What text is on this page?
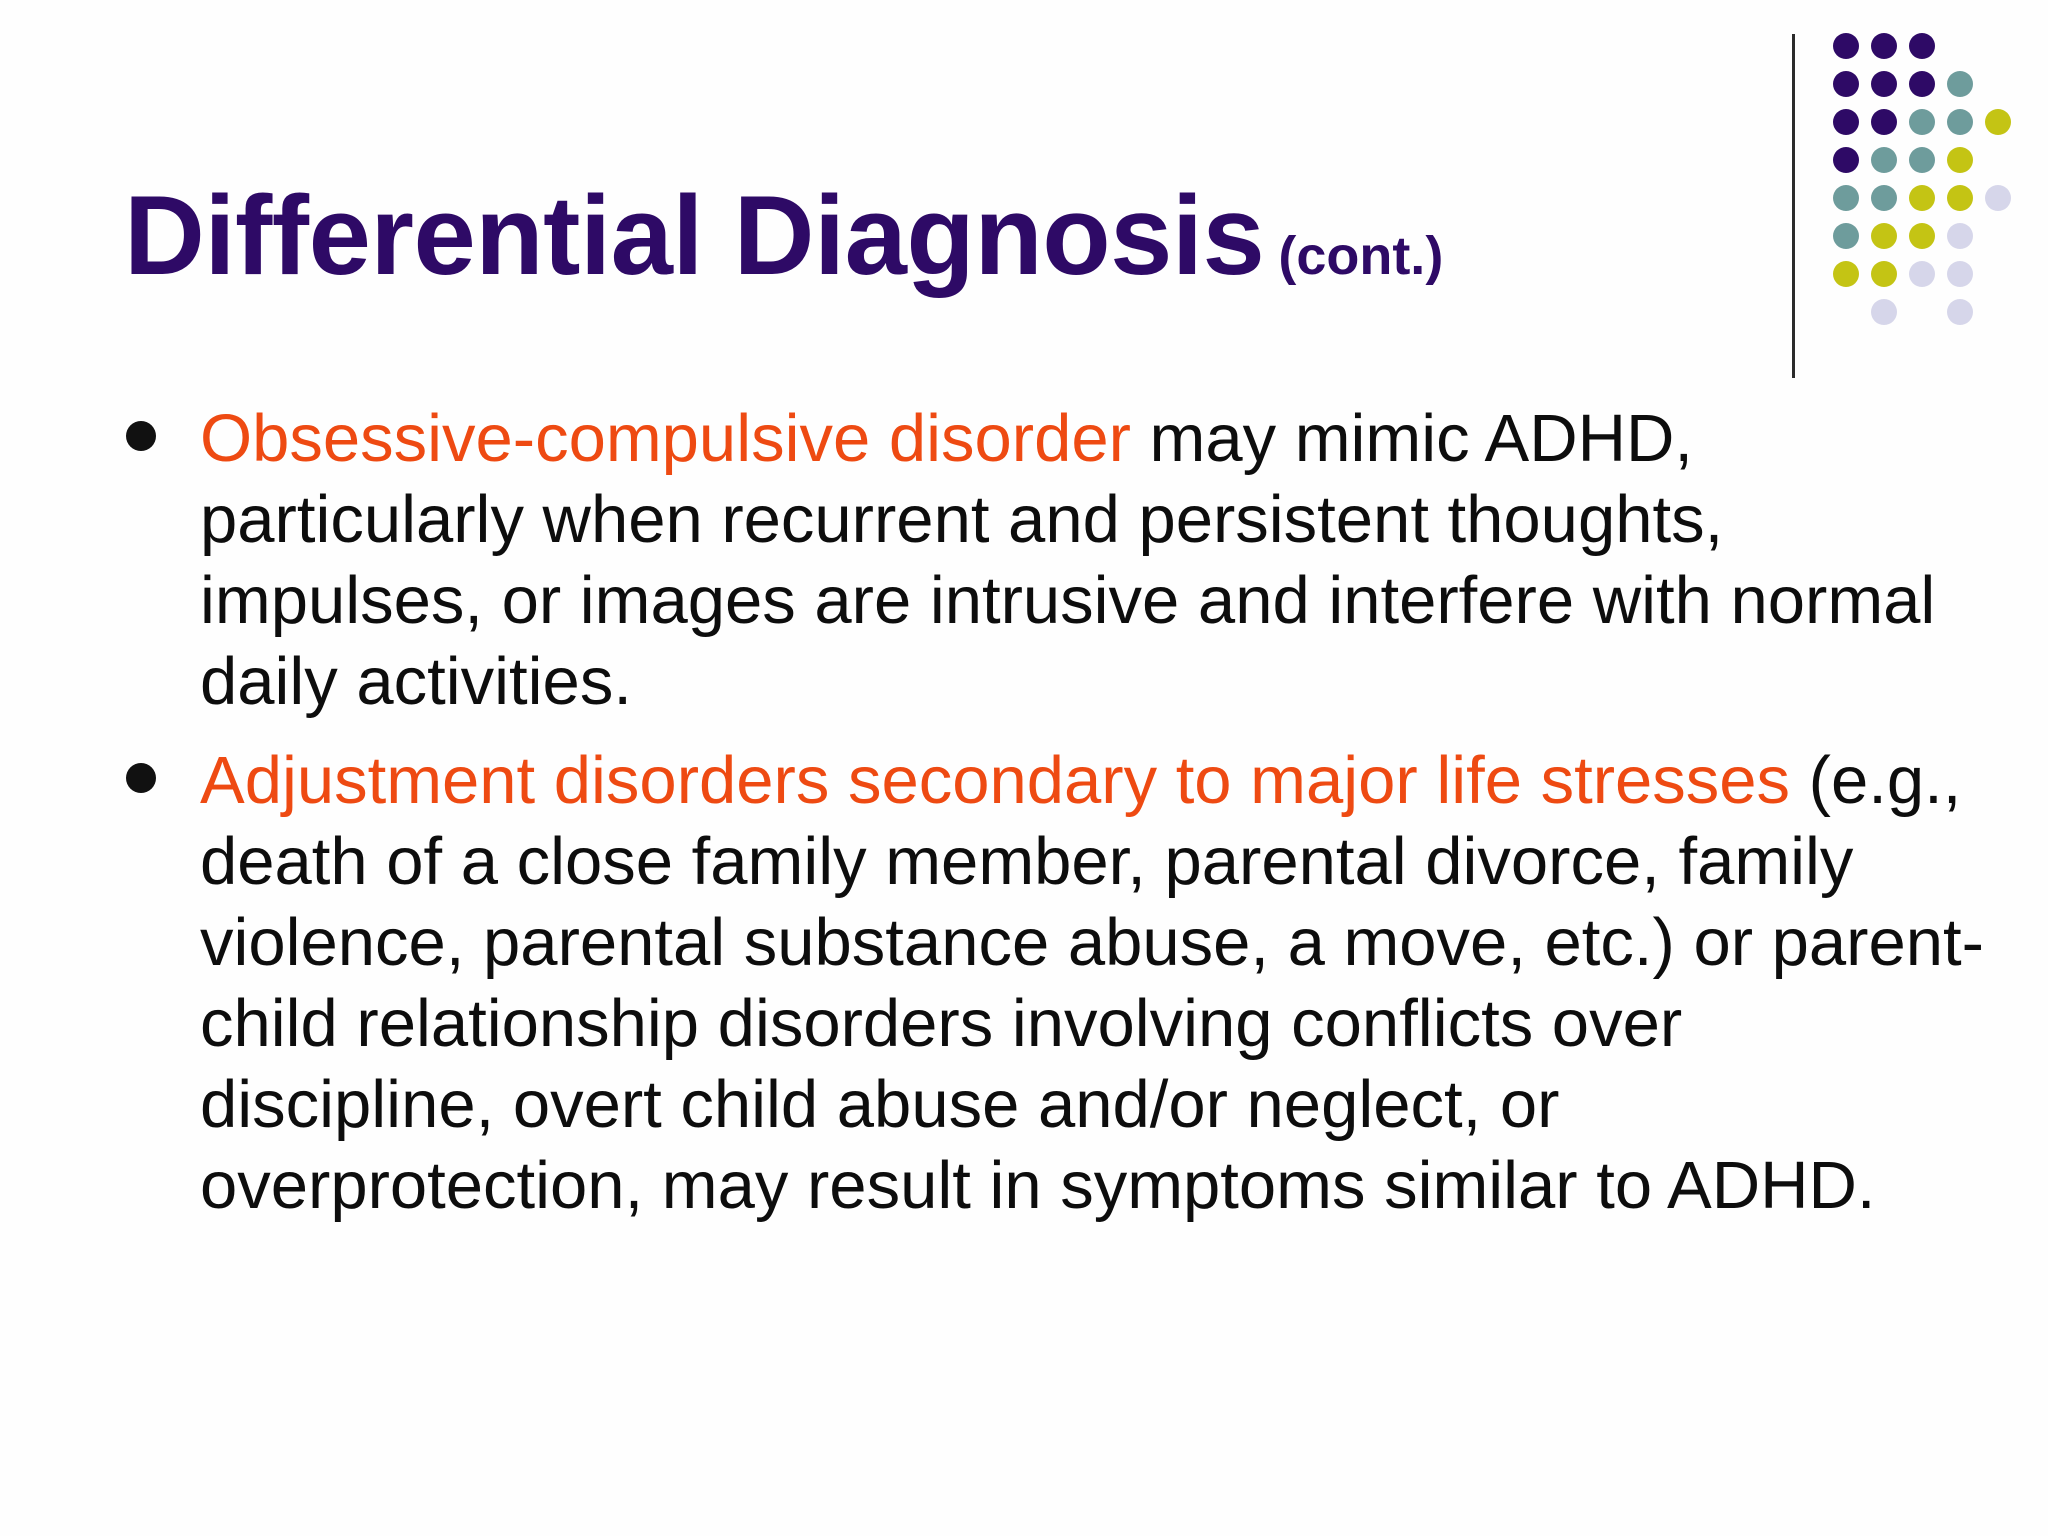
Differential Diagnosis (cont.)
Obsessive-compulsive disorder may mimic ADHD, particularly when recurrent and persistent thoughts, impulses, or images are intrusive and interfere with normal daily activities.
Adjustment disorders secondary to major life stresses (e.g., death of a close family member, parental divorce, family violence, parental substance abuse, a move, etc.) or parent-child relationship disorders involving conflicts over discipline, overt child abuse and/or neglect, or overprotection, may result in symptoms similar to ADHD.
